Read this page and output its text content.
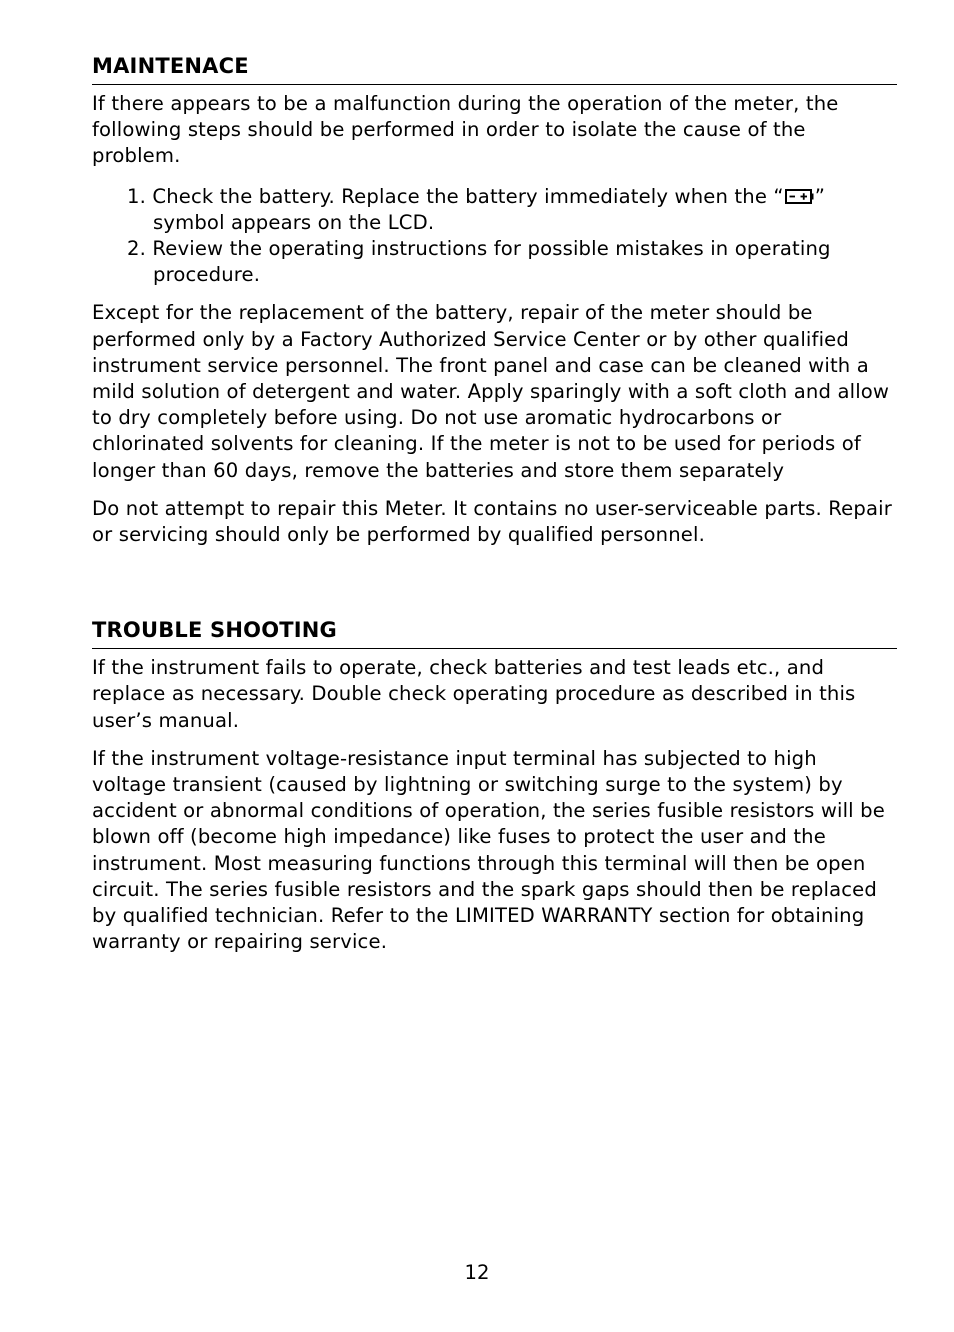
MAINTENACE

If there appears to be a malfunction during the operation of the meter, the following steps should be performed in order to isolate the cause of the problem.

1. Check the battery. Replace the battery immediately when the “ ” symbol appears on the LCD.
2. Review the operating instructions for possible mistakes in operating procedure.

Except for the replacement of the battery, repair of the meter should be performed only by a Factory Authorized Service Center or by other qualified instrument service personnel. The front panel and case can be cleaned with a mild solution of detergent and water. Apply sparingly with a soft cloth and allow to dry completely before using. Do not use aromatic hydrocarbons or chlorinated solvents for cleaning. If the meter is not to be used for periods of longer than 60 days, remove the batteries and store them separately

Do not attempt to repair this Meter. It contains no user-serviceable parts. Repair or servicing should only be performed by qualified personnel.

TROUBLE SHOOTING

If the instrument fails to operate, check batteries and test leads etc., and replace as necessary. Double check operating procedure as described in this user’s manual.

If the instrument voltage-resistance input terminal has subjected to high voltage transient (caused by lightning or switching surge to the system) by accident or abnormal conditions of operation, the series fusible resistors will be blown off (become high impedance) like fuses to protect the user and the instrument. Most measuring functions through this terminal will then be open circuit. The series fusible resistors and the spark gaps should then be replaced by qualified technician. Refer to the LIMITED WARRANTY section for obtaining warranty or repairing service.

12
